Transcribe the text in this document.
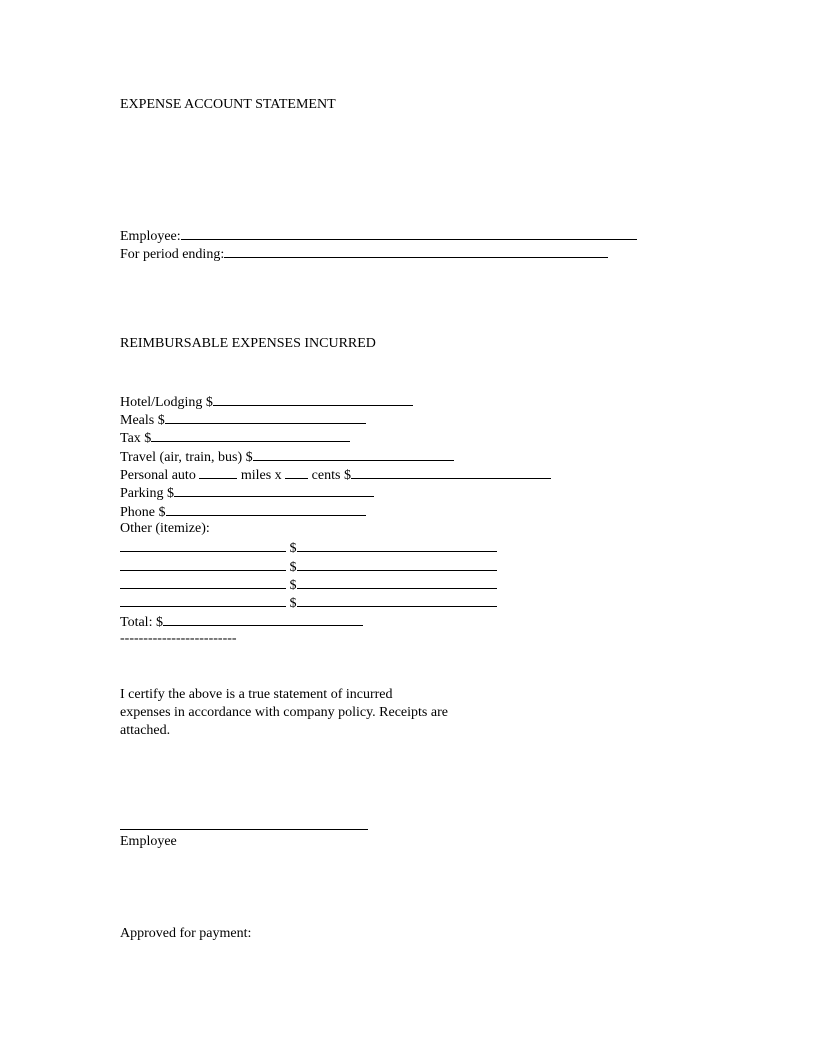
EXPENSE ACCOUNT STATEMENT
Employee:
For period ending:
REIMBURSABLE EXPENSES INCURRED
Hotel/Lodging $
Meals $
Tax $
Travel (air, train, bus) $
Personal auto	miles x cents $
Parking $
Phone $
Other (itemize):
$
$
$
$
Total: $
-------------------------
I certify the above is a true statement of incurred
expenses in accordance with company policy. Receipts are
attached.
Employee
Approved for payment:
